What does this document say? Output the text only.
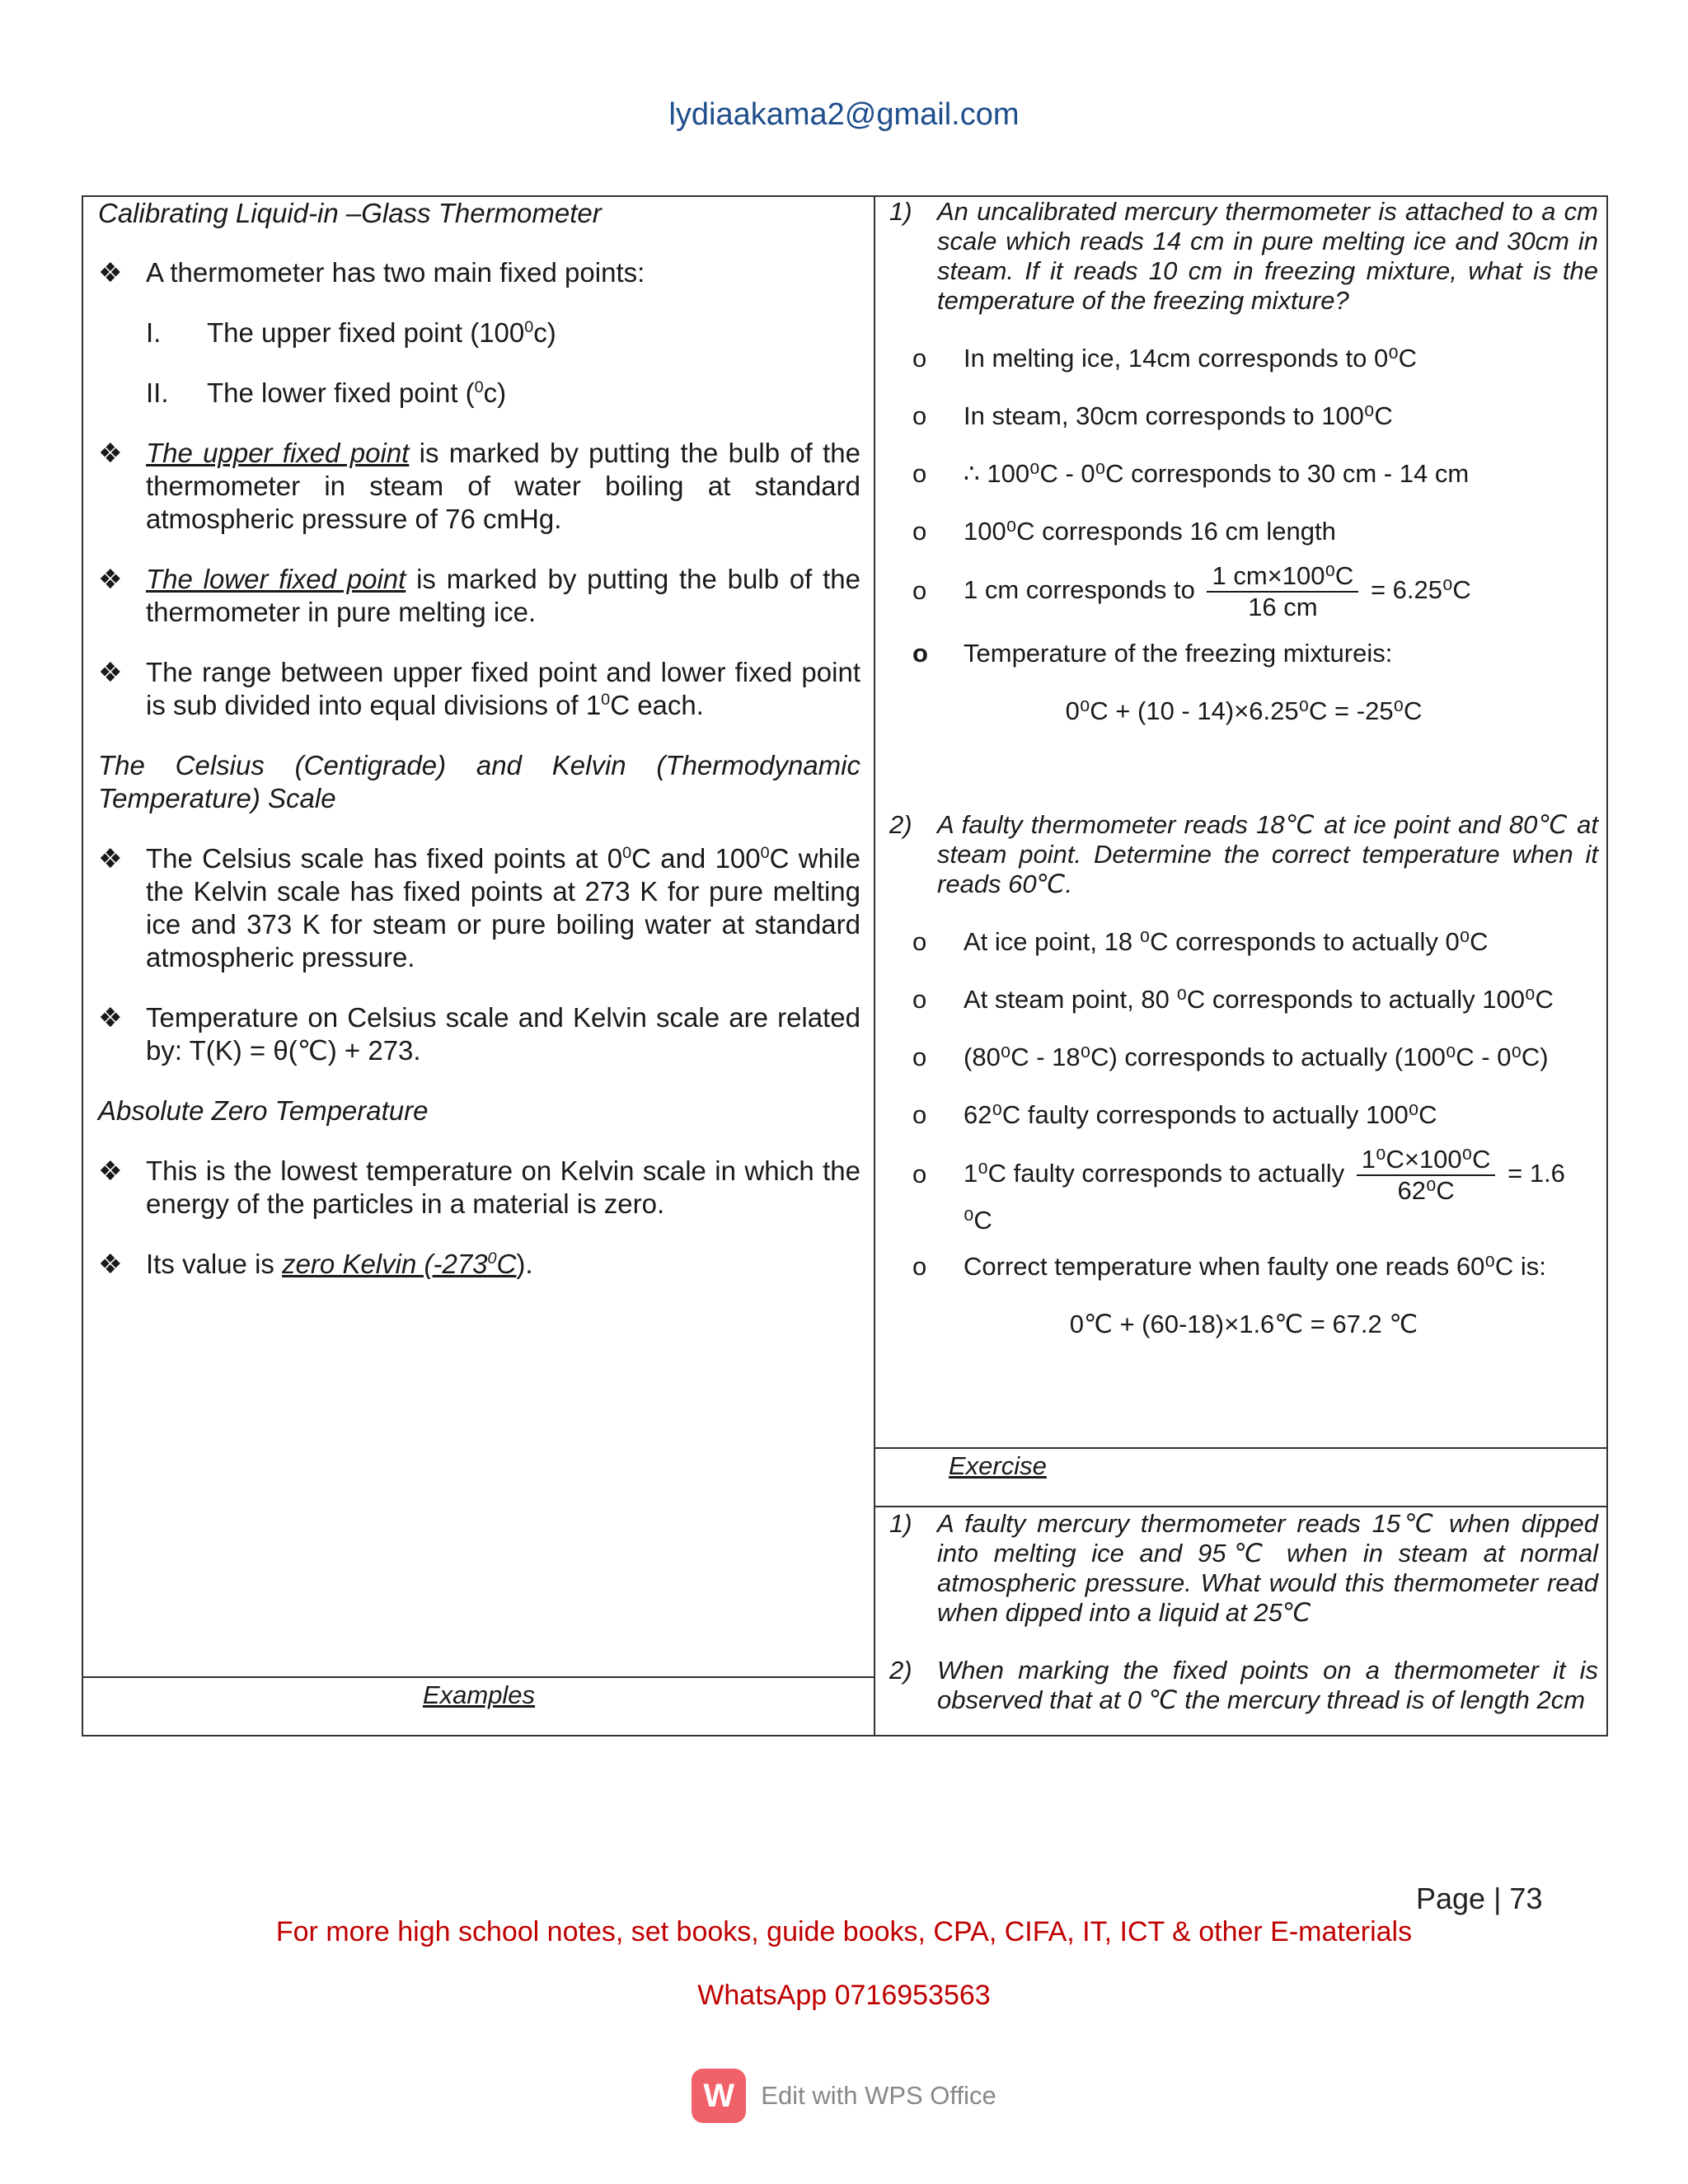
lydiaakama2@gmail.com

Calibrating Liquid-in –Glass Thermometer

❖ A thermometer has two main fixed points:
I.	The upper fixed point $(100^0c)$
II.	The lower fixed point ($^0$c)
❖ The upper fixed point is marked by putting the bulb of the thermometer in steam of water boiling at standard atmospheric pressure of 76 cmHg.
❖ The lower fixed point is marked by putting the bulb of the thermometer in pure melting ice.
❖ The range between upper fixed point and lower fixed point is sub divided into equal divisions of $1^0C$ each.

The Celsius (Centigrade) and Kelvin (Thermodynamic Temperature) Scale

❖ The Celsius scale has fixed points at $0^0C$ and $100^0C$ while the Kelvin scale has fixed points at 273 K for pure melting ice and 373 K for steam or pure boiling water at standard atmospheric pressure.
❖ Temperature on Celsius scale and Kelvin scale are related by: T(K) = θ(℃) + 273.

Absolute Zero Temperature

❖ This is the lowest temperature on Kelvin scale in which the energy of the particles in a material is zero.
❖ Its value is zero Kelvin $(-273^0C)$.
Examples
1) An uncalibrated mercury thermometer is attached to a cm scale which reads 14 cm in pure melting ice and 30cm in steam. If it reads 10 cm in freezing mixture, what is the temperature of the freezing mixture?
o In melting ice, 14cm corresponds to 0⁰C
o In steam, 30cm corresponds to 100⁰C
o ∴ 100⁰C - 0⁰C corresponds to 30 cm - 14 cm
o 100⁰C corresponds 16 cm length
o 1 cm corresponds to $\frac{\text{1 cm×100⁰C}}{16 cm} = 6.25^0C$
o Temperature of the freezing mixtureis:
0⁰C + (10 - 14)×6.25⁰C = -25⁰C
2) A faulty thermometer reads 18℃ at ice point and 80℃ at steam point. Determine the correct temperature when it reads 60℃.
o At ice point, 18 ⁰C corresponds to actually 0⁰C
o At steam point, 80 ⁰C corresponds to actually 100⁰C
o (80⁰C - 18⁰C) corresponds to actually (100⁰C - 0⁰C)
o 62⁰C faulty corresponds to actually 100⁰C
o 1⁰C faulty corresponds to actually $\frac{\text{1⁰C×100⁰C}}{\text{62⁰C}} = 1.6$ ⁰C
o Correct temperature when faulty one reads 60⁰C is:
0℃ + (60-18)×1.6℃ = 67.2 ℃
Exercise
1) A faulty mercury thermometer reads 15℃ when dipped into melting ice and 95℃ when in steam at normal atmospheric pressure. What would this thermometer read when dipped into a liquid at 25℃
2) When marking the fixed points on a thermometer it is observed that at 0 ℃ the mercury thread is of length 2cm
Page | 73
For more high school notes, set books, guide books, CPA, CIFA, IT, ICT & other E-materials
WhatsApp 0716953563
W	Edit with WPS Office
